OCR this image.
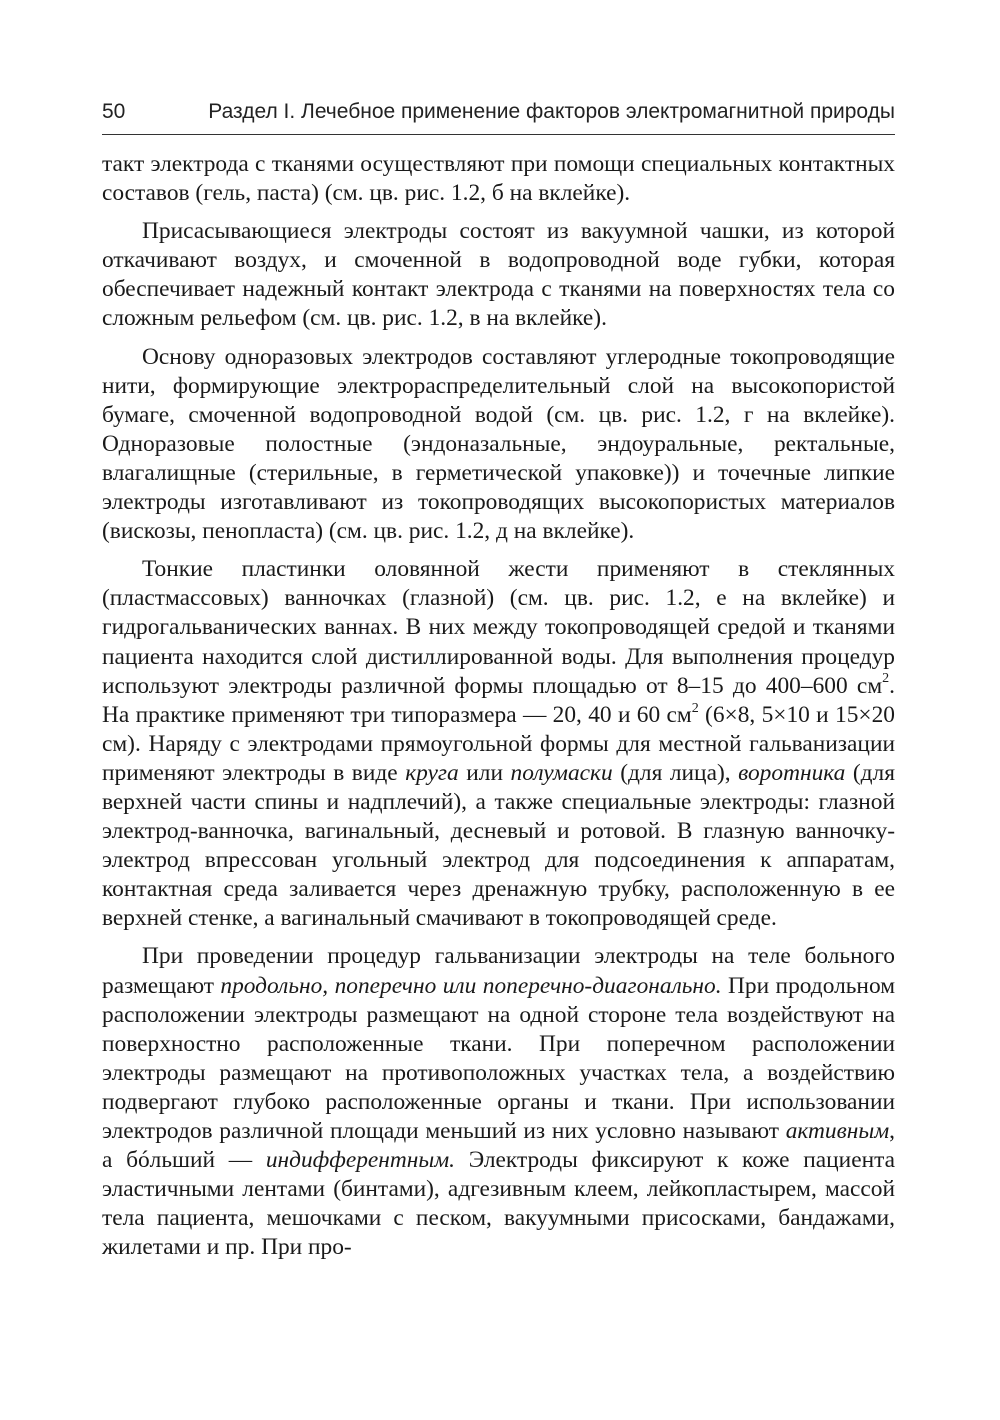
50	Раздел I. Лечебное применение факторов электромагнитной природы

такт электрода с тканями осуществляют при помощи специальных контактных составов (гель, паста) (см. цв. рис. 1.2, б на вклейке).

Присасывающиеся электроды состоят из вакуумной чашки, из которой откачивают воздух, и смоченной в водопроводной воде губки, которая обеспечивает надежный контакт электрода с тканями на поверхностях тела со сложным рельефом (см. цв. рис. 1.2, в на вклейке).

Основу одноразовых электродов составляют углеродные токопроводящие нити, формирующие электрораспределительный слой на высокопористой бумаге, смоченной водопроводной водой (см. цв. рис. 1.2, г на вклейке). Одноразовые полостные (эндоназальные, эндоуральные, ректальные, влагалищные (стерильные, в герметической упаковке)) и точечные липкие электроды изготавливают из токопроводящих высокопористых материалов (вискозы, пенопласта) (см. цв. рис. 1.2, д на вклейке).

Тонкие пластинки оловянной жести применяют в стеклянных (пластмассовых) ванночках (глазной) (см. цв. рис. 1.2, е на вклейке) и гидрогальванических ваннах. В них между токопроводящей средой и тканями пациента находится слой дистиллированной воды. Для выполнения процедур используют электроды различной формы площадью от 8–15 до 400–600 $см^2$. На практике применяют три типоразмера — 20, 40 и 60 $см^2$ (6×8, 5×10 и 15×20 см). Наряду с электродами прямоугольной формы для местной гальванизации применяют электроды в виде круга или полумаски (для лица), воротника (для верхней части спины и надплечий), а также специальные электроды: глазной электрод-ванночка, вагинальный, десневый и ротовой. В глазную ванночку-электрод впрессован угольный электрод для подсоединения к аппаратам, контактная среда заливается через дренажную трубку, расположенную в ее верхней стенке, а вагинальный смачивают в токопроводящей среде.

При проведении процедур гальванизации электроды на теле больного размещают продольно, поперечно или поперечно-диагонально. При продольном расположении электроды размещают на одной стороне тела воздействуют на поверхностно расположенные ткани. При поперечном расположении электроды размещают на противоположных участках тела, а воздействию подвергают глубоко расположенные органы и ткани. При использовании электродов различной площади меньший из них условно называют активным, а бóльший — индифферентным. Электроды фиксируют к коже пациента эластичными лентами (бинтами), адгезивным клеем, лейкопластырем, массой тела пациента, мешочками с песком, вакуумными присосками, бандажами, жилетами и пр. При про-
